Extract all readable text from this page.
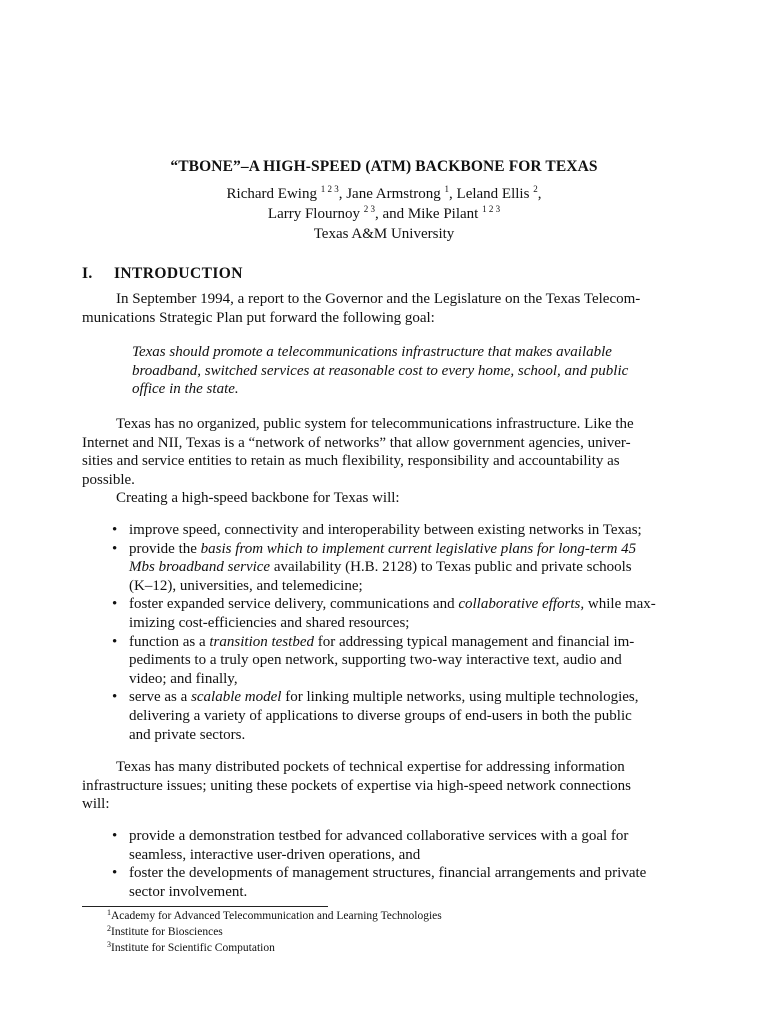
“TBONE”–A HIGH-SPEED (ATM) BACKBONE FOR TEXAS
Richard Ewing $^{1 2 3}$, Jane Armstrong $^1$, Leland Ellis $^2$,
Larry Flournoy $^{2 3}$, and Mike Pilant $^{1 2 3}$
Texas A&M University
I. INTRODUCTION
In September 1994, a report to the Governor and the Legislature on the Texas Telecom-
munications Strategic Plan put forward the following goal:
Texas should promote a telecommunications infrastructure that makes available
broadband, switched services at reasonable cost to every home, school, and public
office in the state.
Texas has no organized, public system for telecommunications infrastructure. Like the
Internet and NII, Texas is a “network of networks” that allow government agencies, univer-
sities and service entities to retain as much flexibility, responsibility and accountability as
possible.
Creating a high-speed backbone for Texas will:
• improve speed, connectivity and interoperability between existing networks in Texas;
• provide the basis from which to implement current legislative plans for long-term 45
Mbs broadband service availability (H.B. 2128) to Texas public and private schools
(K–12), universities, and telemedicine;
• foster expanded service delivery, communications and collaborative efforts, while max-
imizing cost-efficiencies and shared resources;
• function as a transition testbed for addressing typical management and financial im-
pediments to a truly open network, supporting two-way interactive text, audio and
video; and finally,
• serve as a scalable model for linking multiple networks, using multiple technologies,
delivering a variety of applications to diverse groups of end-users in both the public
and private sectors.
Texas has many distributed pockets of technical expertise for addressing information
infrastructure issues; uniting these pockets of expertise via high-speed network connections
will:
• provide a demonstration testbed for advanced collaborative services with a goal for
seamless, interactive user-driven operations, and
• foster the developments of management structures, financial arrangements and private
sector involvement.
$^1$Academy for Advanced Telecommunication and Learning Technologies
$^2$Institute for Biosciences
$^3$Institute for Scientific Computation
